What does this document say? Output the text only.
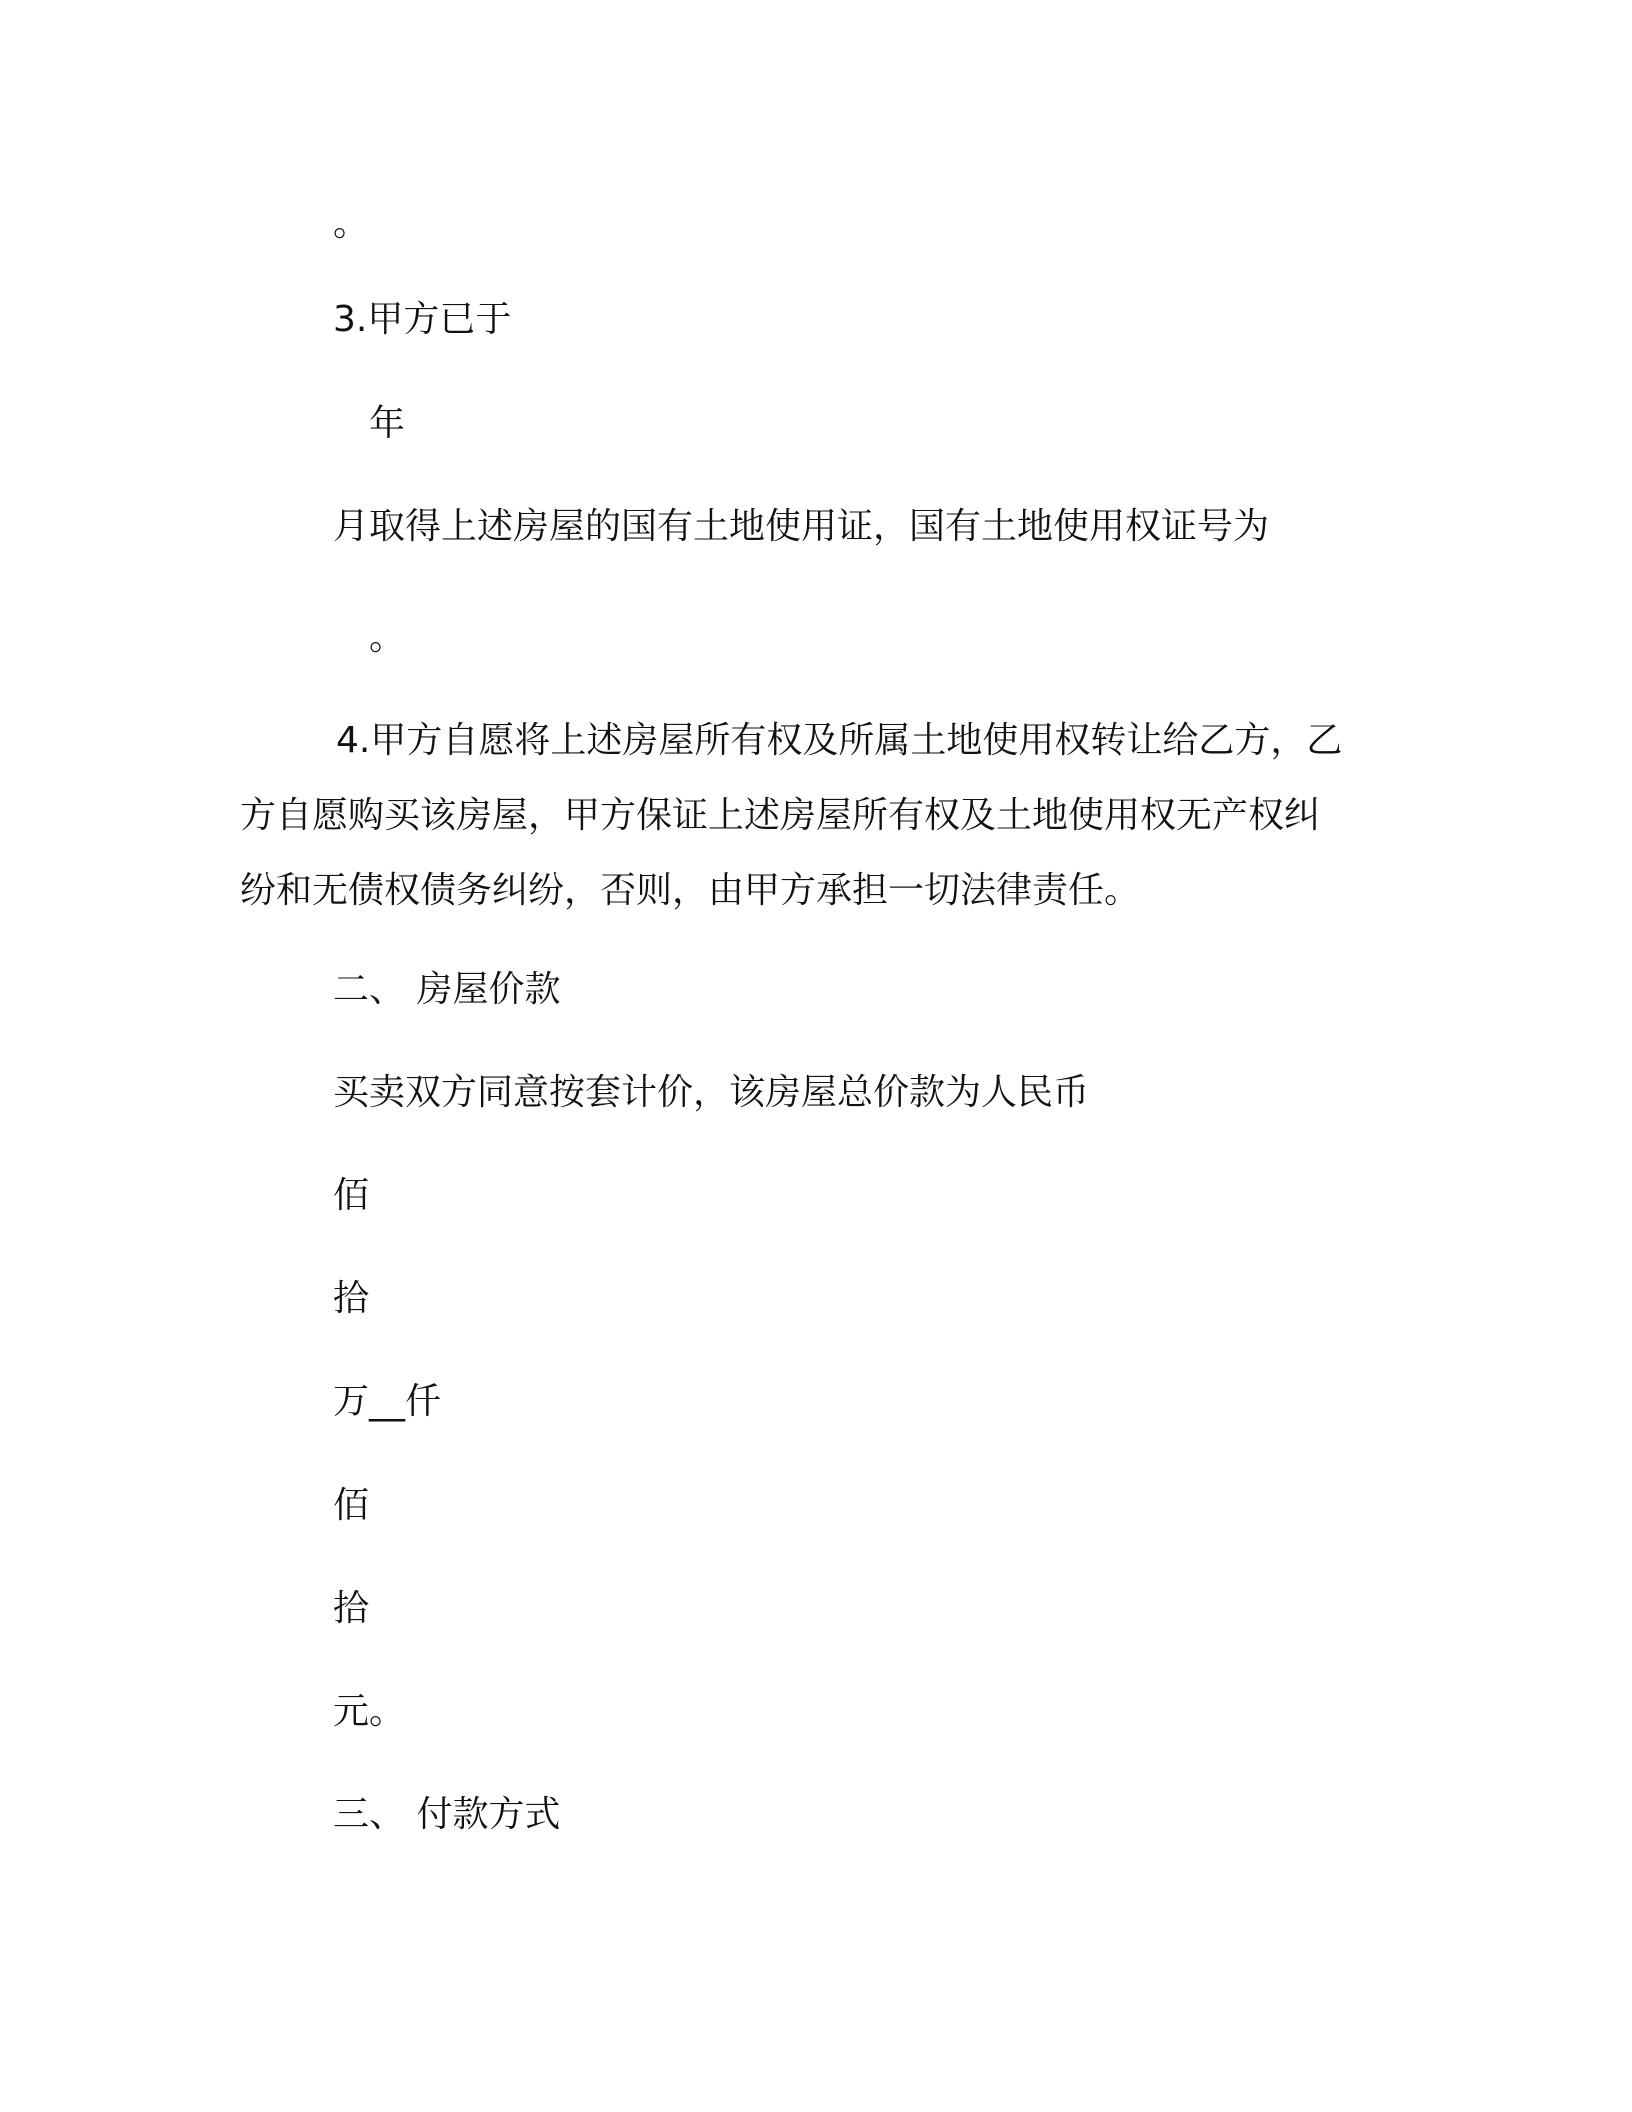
。
3.甲方已于
年
月取得上述房屋的国有土地使用证，国有土地使用权证号为
。
4.甲方自愿将上述房屋所有权及所属土地使用权转让给乙方，乙
方自愿购买该房屋，甲方保证上述房屋所有权及土地使用权无产权纠
纷和无债权债务纠纷，否则，由甲方承担一切法律责任。
二、 房屋价款
买卖双方同意按套计价，该房屋总价款为人民币
佰
拾
万__仟
佰
拾
元。
三、 付款方式
